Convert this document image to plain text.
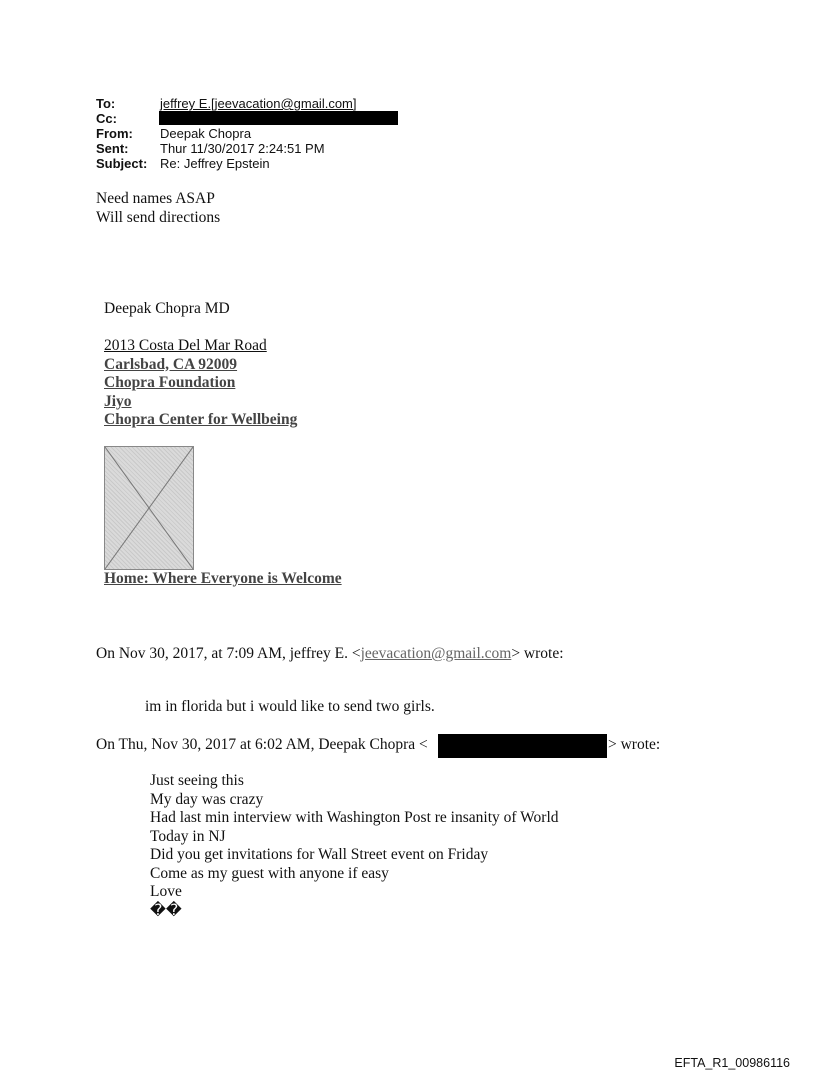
To:	jeffrey E.[jeevacation@gmail.com]
Cc:
From:	Deepak Chopra
Sent:	Thur 11/30/2017 2:24:51 PM
Subject: Re: Jeffrey Epstein
Need names ASAP
Will send directions
Deepak Chopra MD
2013 Costa Del Mar Road
Carlsbad, CA 92009
Chopra Foundation
Jiyo
Chopra Center for Wellbeing
Home: Where Everyone is Welcome
On Nov 30, 2017, at 7:09 AM, jeffrey E. <jeevacation@gmail.com> wrote:
im in florida but i would like to send two girls.
On Thu, Nov 30, 2017 at 6:02 AM, Deepak Chopra <	> wrote:
Just seeing this
My day was crazy
Had last min interview with Washington Post re insanity of World
Today in NJ
Did you get invitations for Wall Street event on Friday
Come as my guest with anyone if easy
Love
��
EFTA_R1_00986116
